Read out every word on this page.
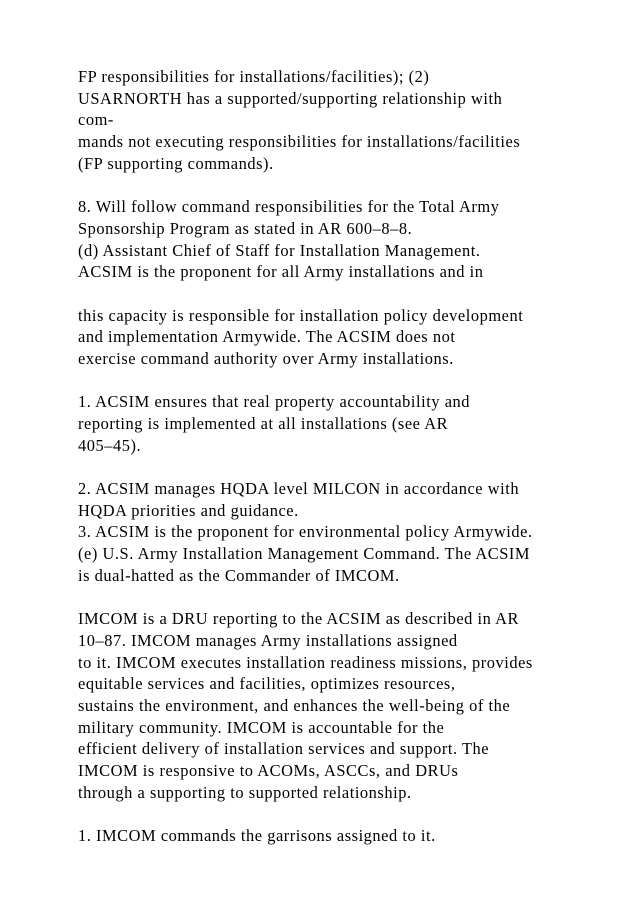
FP responsibilities for installations/facilities); (2)
USARNORTH has a supported/supporting relationship with
com-
mands not executing responsibilities for installations/facilities
(FP supporting commands).
8. Will follow command responsibilities for the Total Army
Sponsorship Program as stated in AR 600–8–8.
(d) Assistant Chief of Staff for Installation Management.
ACSIM is the proponent for all Army installations and in
this capacity is responsible for installation policy development
and implementation Armywide. The ACSIM does not
exercise command authority over Army installations.
1. ACSIM ensures that real property accountability and
reporting is implemented at all installations (see AR
405–45).
2. ACSIM manages HQDA level MILCON in accordance with
HQDA priorities and guidance.
3. ACSIM is the proponent for environmental policy Armywide.
(e) U.S. Army Installation Management Command. The ACSIM
is dual-hatted as the Commander of IMCOM.
IMCOM is a DRU reporting to the ACSIM as described in AR
10–87. IMCOM manages Army installations assigned
to it. IMCOM executes installation readiness missions, provides
equitable services and facilities, optimizes resources,
sustains the environment, and enhances the well-being of the
military community. IMCOM is accountable for the
efficient delivery of installation services and support. The
IMCOM is responsive to ACOMs, ASCCs, and DRUs
through a supporting to supported relationship.
1. IMCOM commands the garrisons assigned to it.
